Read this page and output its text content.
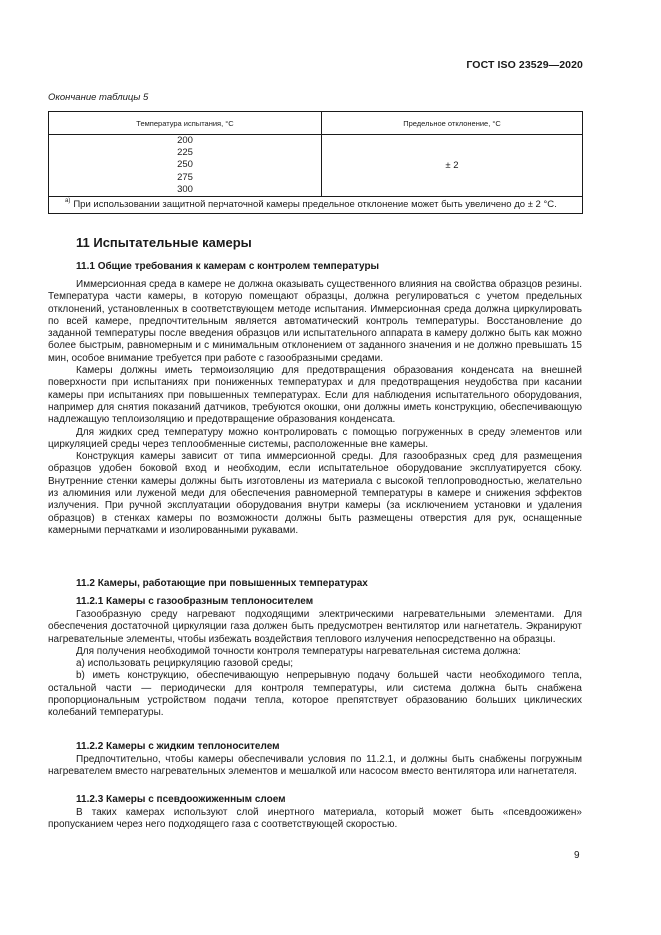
ГОСТ ISO 23529—2020
Окончание таблицы 5
Температура испытания, °С	Предельное отклонение, °С

200
225
250
275
300	± 2
$^{a)}$ При использовании защитной перчаточной камеры предельное отклонение может быть увеличено до ± 2 °С.	
11 Испытательные камеры
11.1 Общие требования к камерам с контролем температуры

Иммерсионная среда в камере не должна оказывать существенного влияния на свойства образцов резины. Температура части камеры, в которую помещают образцы, должна регулироваться с учетом предельных отклонений, установленных в соответствующем методе испытания. Иммерсионная среда должна циркулировать по всей камере, предпочтительным является автоматический контроль температуры. Восстановление до заданной температуры после введения образцов или испытательного аппарата в камеру должно быть как можно более быстрым, равномерным и с минимальным отклонением от заданного значения и не должно превышать 15 мин, особое внимание требуется при работе с газообразными средами.

Камеры должны иметь термоизоляцию для предотвращения образования конденсата на внешней поверхности при испытаниях при пониженных температурах и для предотвращения неудобства при касании камеры при испытаниях при повышенных температурах. Если для наблюдения испытательного оборудования, например для снятия показаний датчиков, требуются окошки, они должны иметь конструкцию, обеспечивающую надлежащую теплоизоляцию и предотвращение образования конденсата.

Для жидких сред температуру можно контролировать с помощью погруженных в среду элементов или циркуляцией среды через теплообменные системы, расположенные вне камеры.

Конструкция камеры зависит от типа иммерсионной среды. Для газообразных сред для размещения образцов удобен боковой вход и необходим, если испытательное оборудование эксплуатируется сбоку. Внутренние стенки камеры должны быть изготовлены из материала с высокой теплопроводностью, желательно из алюминия или луженой меди для обеспечения равномерной температуры в камере и снижения эффектов излучения. При ручной эксплуатации оборудования внутри камеры (за исключением установки и удаления образцов) в стенках камеры по возможности должны быть размещены отверстия для рук, оснащенные камерными перчатками и изолированными рукавами.

11.2 Камеры, работающие при повышенных температурах
11.2.1 Камеры с газообразным теплоносителем

Газообразную среду нагревают подходящими электрическими нагревательными элементами. Для обеспечения достаточной циркуляции газа должен быть предусмотрен вентилятор или нагнетатель. Экранируют нагревательные элементы, чтобы избежать воздействия теплового излучения непосредственно на образцы.

Для получения необходимой точности контроля температуры нагревательная система должна:

а) использовать рециркуляцию газовой среды;

b) иметь конструкцию, обеспечивающую непрерывную подачу большей части необходимого тепла, остальной части — периодически для контроля температуры, или система должна быть снабжена пропорциональным устройством подачи тепла, которое препятствует образованию больших циклических колебаний температуры.

11.2.2 Камеры с жидким теплоносителем

Предпочтительно, чтобы камеры обеспечивали условия по 11.2.1, и должны быть снабжены погружным нагревателем вместо нагревательных элементов и мешалкой или насосом вместо вентилятора или нагнетателя.

11.2.3 Камеры с псевдоожиженным слоем

В таких камерах используют слой инертного материала, который может быть «псевдоожижен» пропусканием через него подходящего газа с соответствующей скоростью.

9
